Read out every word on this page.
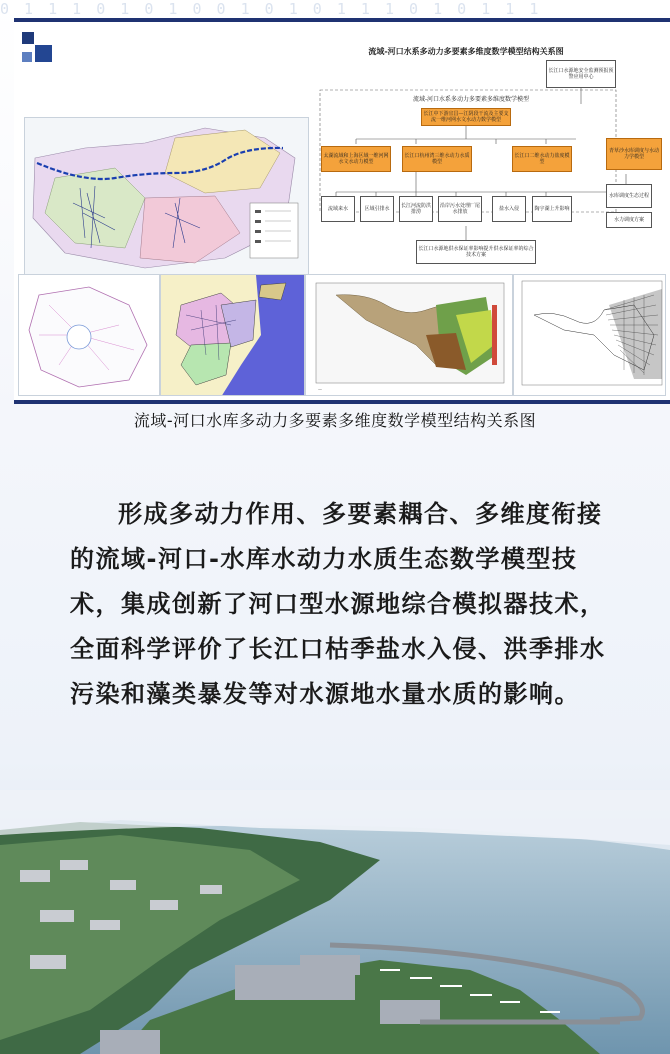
0 1 1 1 0 1 0 1 0 0 1 0 1 0 1 1 1 0 1 0 1 1 1
流域-河口水系多动力多要素多维度数学模型结构关系图
长江口水源地安全监测预报预警应用中心
流域-河口水系多动力多要素多维度数学模型
长江中下游宜昌—江阴段干流及主要支流一维河网水文水动力数学模型
太湖流域和上海区域一维河网水文水动力模型
长江口杭州湾三维水动力水质模型
长江口二维水动力盐度模型
青草沙水库调度与水动力学模型
流域来水	区域引排水	长江河流防洪排涝
沿岸污水处理厂尾水排放	盐水入侵	陶宇湖上升影响
水库调度生态过程
水力调度方案
长江口水源地供水保证率影响提升供水保证率的综合技术方案
—
流域-河口水库多动力多要素多维度数学模型结构关系图
形成多动力作用、多要素耦合、多维度衔接的流域-河口-水库水动力水质生态数学模型技术，集成创新了河口型水源地综合模拟器技术，全面科学评价了长江口枯季盐水入侵、洪季排水污染和藻类暴发等对水源地水量水质的影响。
